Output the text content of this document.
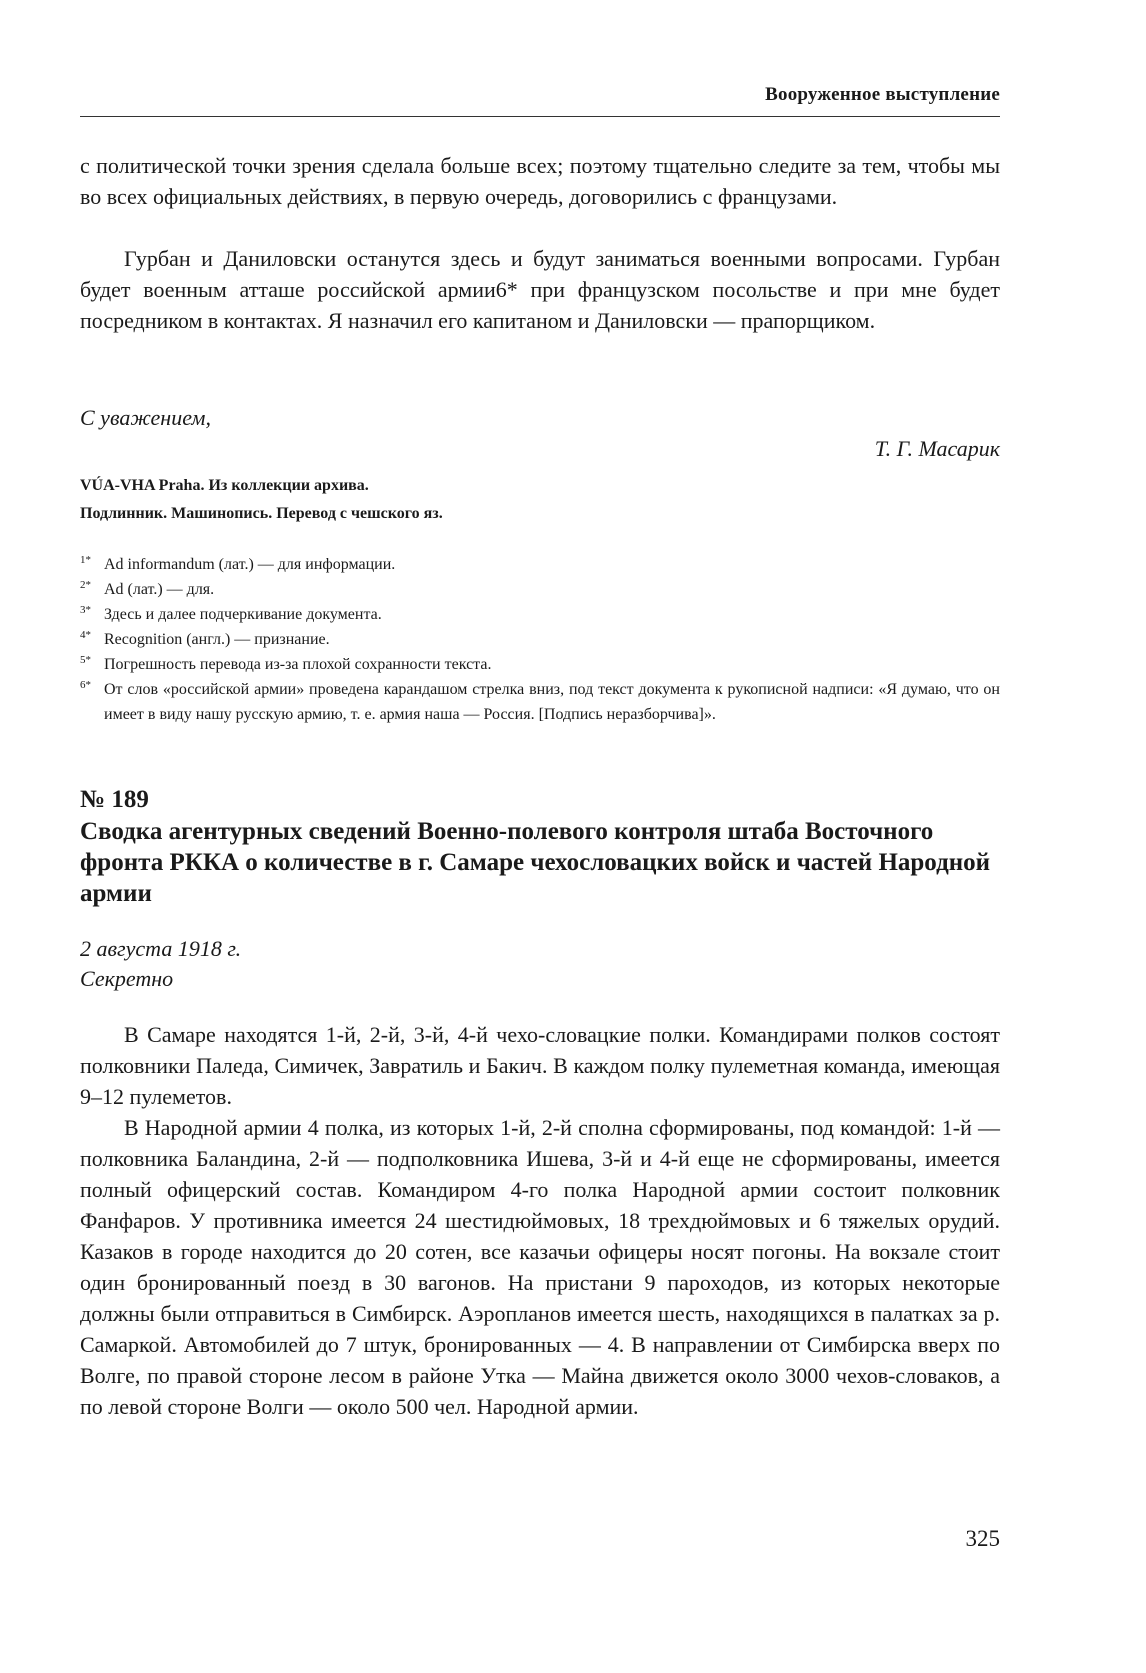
Вооруженное выступление

с политической точки зрения сделала больше всех; поэтому тщательно следите за тем, чтобы мы во всех официальных действиях, в первую очередь, договорились с французами.

Гурбан и Даниловски останутся здесь и будут заниматься военными вопросами. Гурбан будет военным атташе российской армии6* при французском посольстве и при мне будет посредником в контактах. Я назначил его капитаном и Даниловски — прапорщиком.

С уважением,
Т. Г. Масарик
VÚA-VHA Praha. Из коллекции архива.
Подлинник. Машинопись. Перевод с чешского яз.
1* Ad informandum (лат.) — для информации.
2* Ad (лат.) — для.
3* Здесь и далее подчеркивание документа.
4* Recognition (англ.) — признание.
5* Погрешность перевода из-за плохой сохранности текста.
6* От слов «российской армии» проведена карандашом стрелка вниз, под текст документа к рукописной надписи: «Я думаю, что он имеет в виду нашу русскую армию, т. е. армия наша — Россия. [Подпись неразборчива]».
№ 189
Сводка агентурных сведений Военно-полевого контроля штаба Восточного фронта РККА о количестве в г. Самаре чехословацких войск и частей Народной армии
2 августа 1918 г.
Секретно

В Самаре находятся 1-й, 2-й, 3-й, 4-й чехо-словацкие полки. Командирами полков состоят полковники Паледа, Симичек, Завратиль и Бакич. В каждом полку пулеметная команда, имеющая 9–12 пулеметов.

В Народной армии 4 полка, из которых 1-й, 2-й сполна сформированы, под командой: 1-й — полковника Баландина, 2-й — подполковника Ишева, 3-й и 4-й еще не сформированы, имеется полный офицерский состав. Командиром 4-го полка Народной армии состоит полковник Фанфаров. У противника имеется 24 шестидюймовых, 18 трехдюймовых и 6 тяжелых орудий. Казаков в городе находится до 20 сотен, все казачьи офицеры носят погоны. На вокзале стоит один бронированный поезд в 30 вагонов. На пристани 9 пароходов, из которых некоторые должны были отправиться в Симбирск. Аэропланов имеется шесть, находящихся в палатках за р. Самаркой. Автомобилей до 7 штук, бронированных — 4. В направлении от Симбирска вверх по Волге, по правой стороне лесом в районе Утка — Майна движется около 3000 чехов-словаков, а по левой стороне Волги — около 500 чел. Народной армии.

325
